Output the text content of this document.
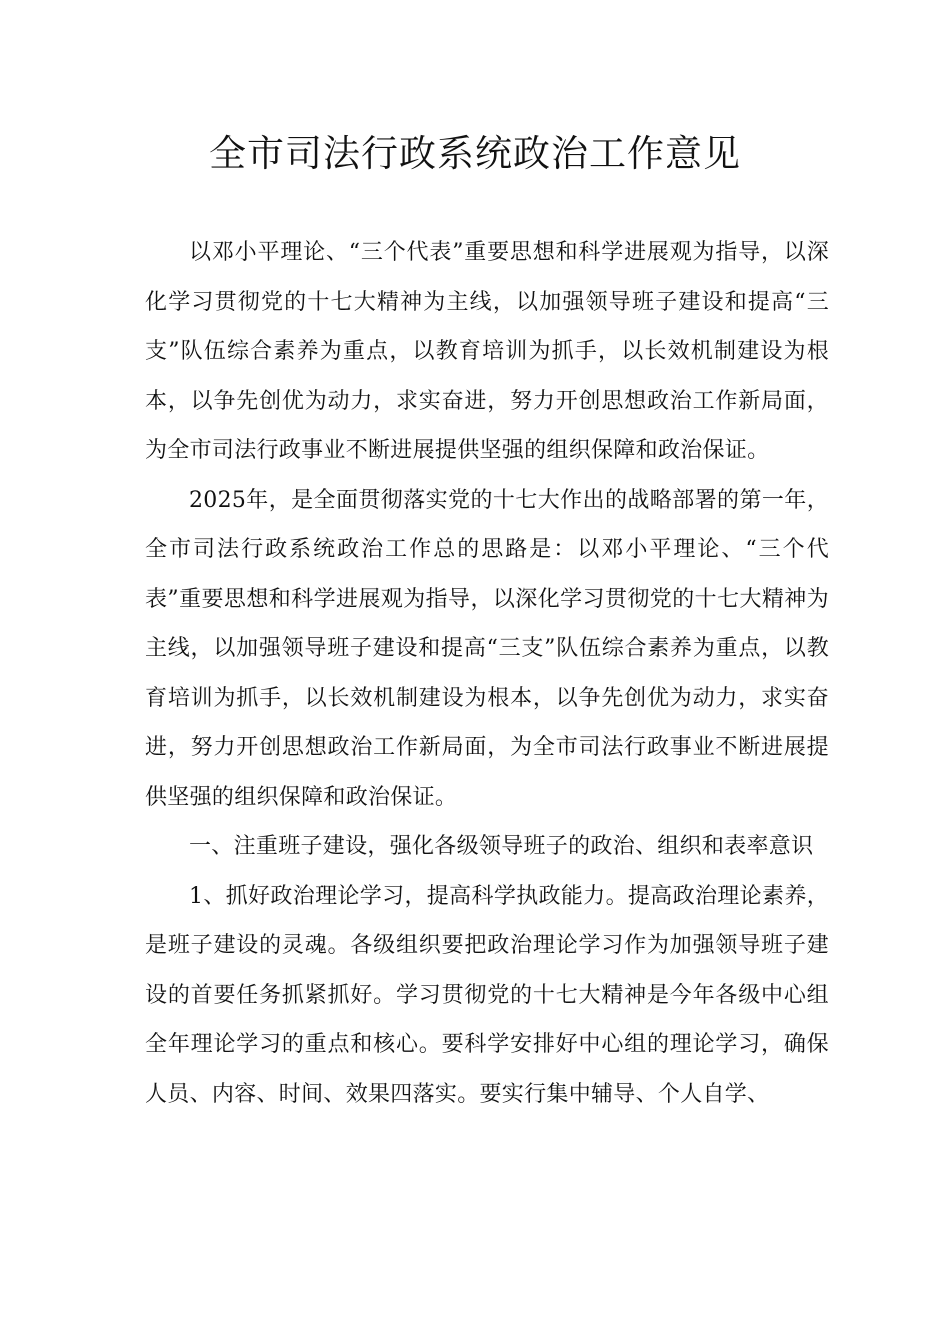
全市司法行政系统政治工作意见

以邓小平理论、“三个代表”重要思想和科学进展观为指导，以深化学习贯彻党的十七大精神为主线，以加强领导班子建设和提高“三支”队伍综合素养为重点，以教育培训为抓手，以长效机制建设为根本，以争先创优为动力，求实奋进，努力开创思想政治工作新局面，为全市司法行政事业不断进展提供坚强的组织保障和政治保证。

2025年，是全面贯彻落实党的十七大作出的战略部署的第一年，全市司法行政系统政治工作总的思路是：以邓小平理论、“三个代表”重要思想和科学进展观为指导，以深化学习贯彻党的十七大精神为主线，以加强领导班子建设和提高“三支”队伍综合素养为重点，以教育培训为抓手，以长效机制建设为根本，以争先创优为动力，求实奋进，努力开创思想政治工作新局面，为全市司法行政事业不断进展提供坚强的组织保障和政治保证。

一、注重班子建设，强化各级领导班子的政治、组织和表率意识

1、抓好政治理论学习，提高科学执政能力。提高政治理论素养，是班子建设的灵魂。各级组织要把政治理论学习作为加强领导班子建设的首要任务抓紧抓好。学习贯彻党的十七大精神是今年各级中心组全年理论学习的重点和核心。要科学安排好中心组的理论学习，确保人员、内容、时间、效果四落实。要实行集中辅导、个人自学、
